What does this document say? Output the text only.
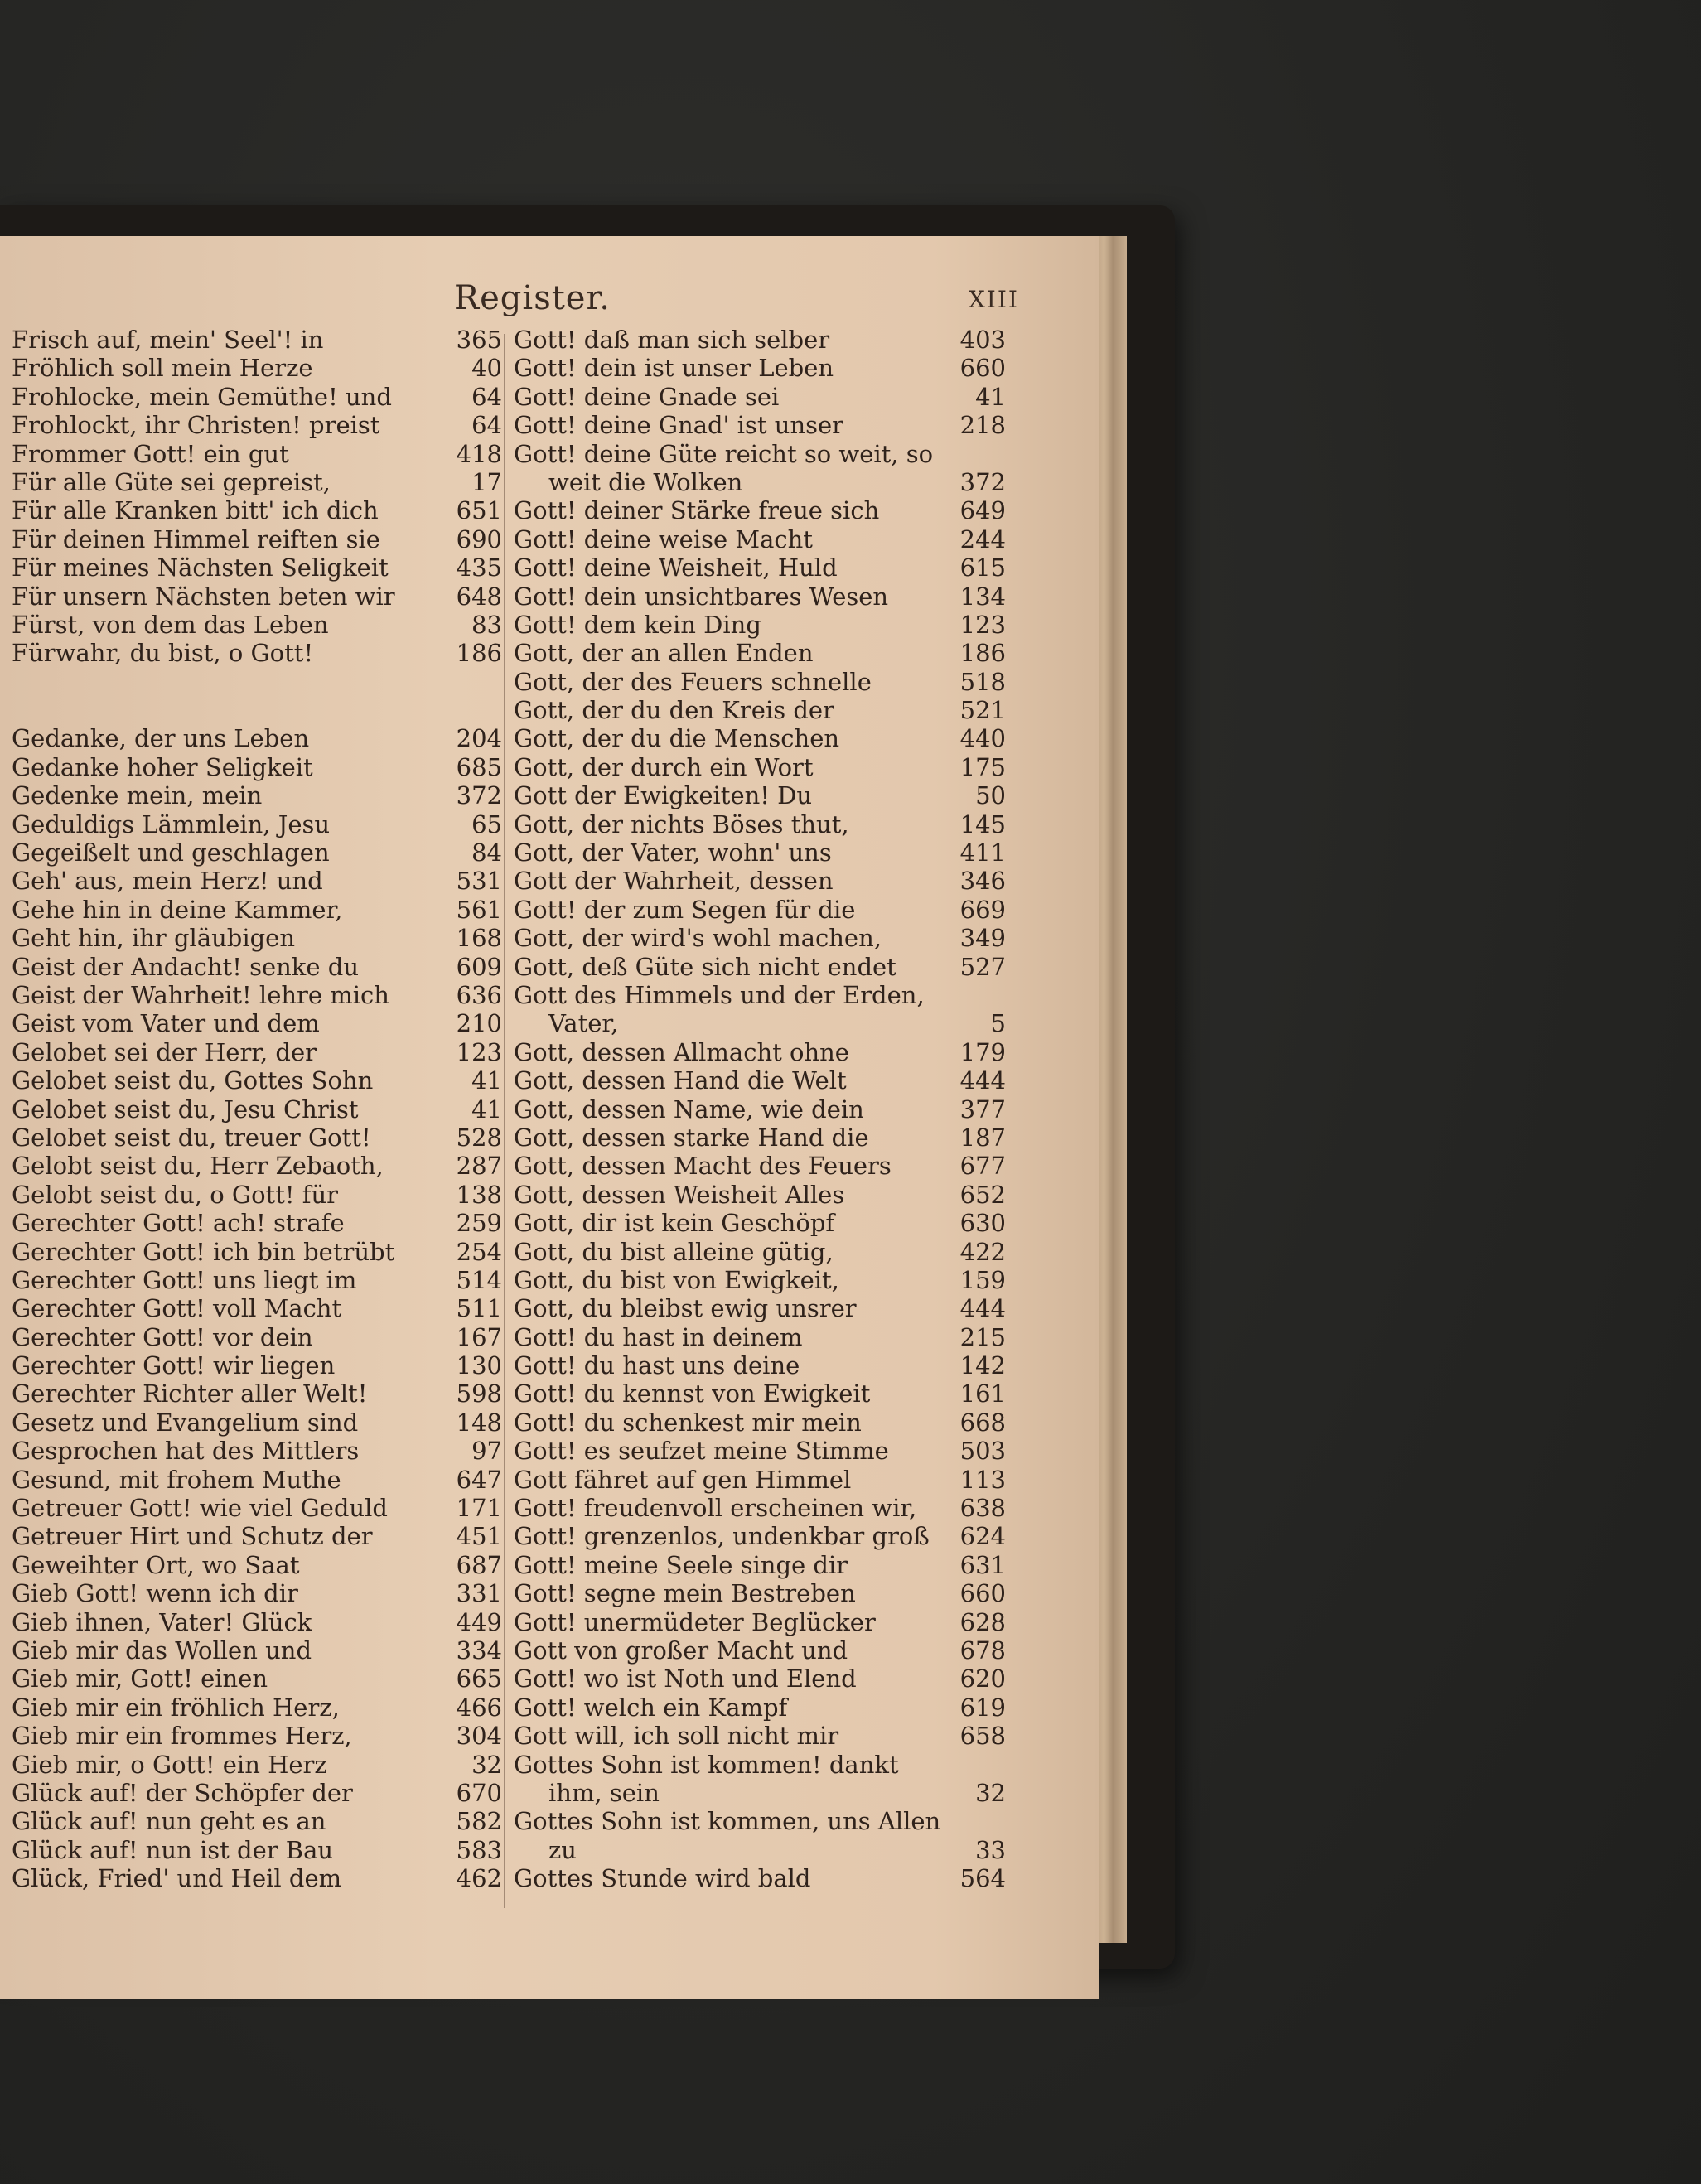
Register.	XIII
Frisch auf, mein' Seel'! in	365
Fröhlich soll mein Herze	40
Frohlocke, mein Gemüthe! und	64
Frohlockt, ihr Christen! preist	64
Frommer Gott! ein gut	418
Für alle Güte sei gepreist,	17
Für alle Kranken bitt' ich dich	651
Für deinen Himmel reiften sie	690
Für meines Nächsten Seligkeit	435
Für unsern Nächsten beten wir	648
Fürst, von dem das Leben	83
Fürwahr, du bist, o Gott!	186
Gedanke, der uns Leben	204
Gedanke hoher Seligkeit	685
Gedenke mein, mein	372
Geduldigs Lämmlein, Jesu	65
Gegeißelt und geschlagen	84
Geh' aus, mein Herz! und	531
Gehe hin in deine Kammer,	561
Geht hin, ihr gläubigen	168
Geist der Andacht! senke du	609
Geist der Wahrheit! lehre mich	636
Geist vom Vater und dem	210
Gelobet sei der Herr, der	123
Gelobet seist du, Gottes Sohn	41
Gelobet seist du, Jesu Christ	41
Gelobet seist du, treuer Gott!	528
Gelobt seist du, Herr Zebaoth,	287
Gelobt seist du, o Gott! für	138
Gerechter Gott! ach! strafe	259
Gerechter Gott! ich bin betrübt	254
Gerechter Gott! uns liegt im	514
Gerechter Gott! voll Macht	511
Gerechter Gott! vor dein	167
Gerechter Gott! wir liegen	130
Gerechter Richter aller Welt!	598
Gesetz und Evangelium sind	148
Gesprochen hat des Mittlers	97
Gesund, mit frohem Muthe	647
Getreuer Gott! wie viel Geduld	171
Getreuer Hirt und Schutz der	451
Geweihter Ort, wo Saat	687
Gieb Gott! wenn ich dir	331
Gieb ihnen, Vater! Glück	449
Gieb mir das Wollen und	334
Gieb mir, Gott! einen	665
Gieb mir ein fröhlich Herz,	466
Gieb mir ein frommes Herz,	304
Gieb mir, o Gott! ein Herz	32
Glück auf! der Schöpfer der	670
Glück auf! nun geht es an	582
Glück auf! nun ist der Bau	583
Glück, Fried' und Heil dem	462
Gott! daß man sich selber	403
Gott! dein ist unser Leben	660
Gott! deine Gnade sei	41
Gott! deine Gnad' ist unser	218
Gott! deine Güte reicht so weit, so
weit die Wolken	372
Gott! deiner Stärke freue sich	649
Gott! deine weise Macht	244
Gott! deine Weisheit, Huld	615
Gott! dein unsichtbares Wesen	134
Gott! dem kein Ding	123
Gott, der an allen Enden	186
Gott, der des Feuers schnelle	518
Gott, der du den Kreis der	521
Gott, der du die Menschen	440
Gott, der durch ein Wort	175
Gott der Ewigkeiten! Du	50
Gott, der nichts Böses thut,	145
Gott, der Vater, wohn' uns	411
Gott der Wahrheit, dessen	346
Gott! der zum Segen für die	669
Gott, der wird's wohl machen,	349
Gott, deß Güte sich nicht endet	527
Gott des Himmels und der Erden,
Vater,	5
Gott, dessen Allmacht ohne	179
Gott, dessen Hand die Welt	444
Gott, dessen Name, wie dein	377
Gott, dessen starke Hand die	187
Gott, dessen Macht des Feuers	677
Gott, dessen Weisheit Alles	652
Gott, dir ist kein Geschöpf	630
Gott, du bist alleine gütig,	422
Gott, du bist von Ewigkeit,	159
Gott, du bleibst ewig unsrer	444
Gott! du hast in deinem	215
Gott! du hast uns deine	142
Gott! du kennst von Ewigkeit	161
Gott! du schenkest mir mein	668
Gott! es seufzet meine Stimme	503
Gott fähret auf gen Himmel	113
Gott! freudenvoll erscheinen wir,	638
Gott! grenzenlos, undenkbar groß	624
Gott! meine Seele singe dir	631
Gott! segne mein Bestreben	660
Gott! unermüdeter Beglücker	628
Gott von großer Macht und	678
Gott! wo ist Noth und Elend	620
Gott! welch ein Kampf	619
Gott will, ich soll nicht mir	658
Gottes Sohn ist kommen! dankt
ihm, sein	32
Gottes Sohn ist kommen, uns Allen
zu	33
Gottes Stunde wird bald	564
